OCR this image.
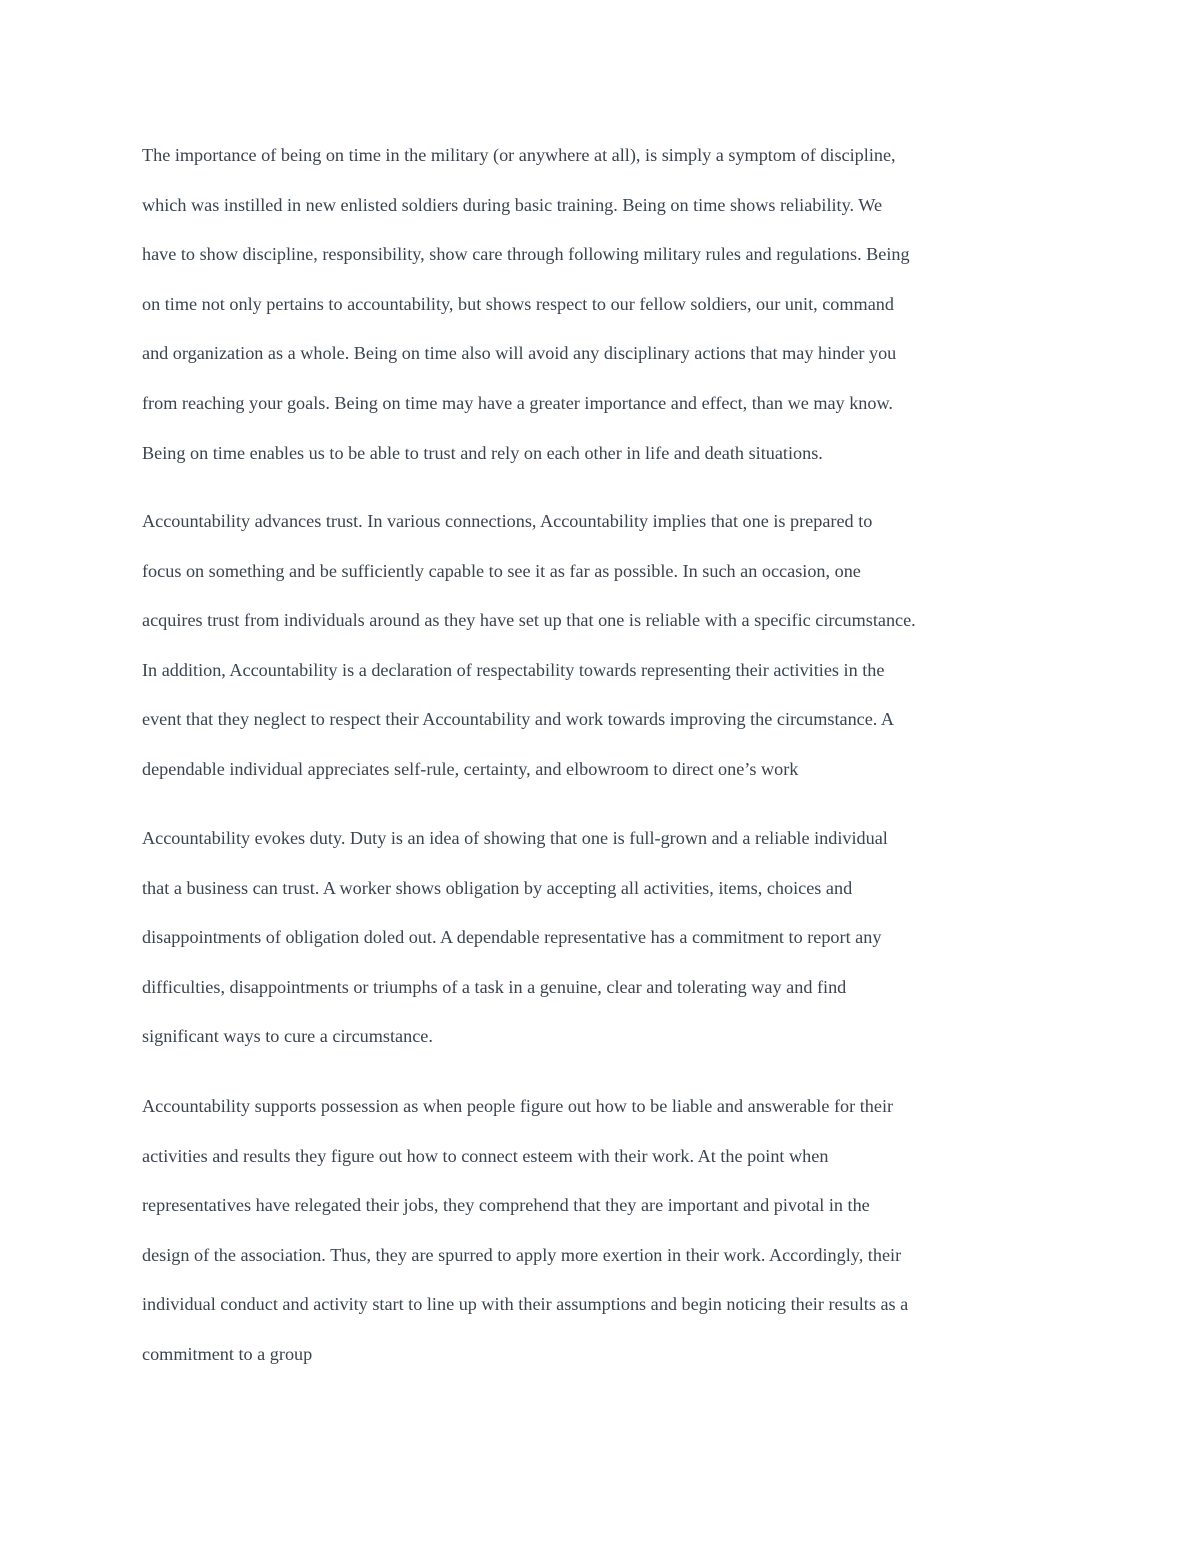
The importance of being on time in the military (or anywhere at all), is simply a symptom of discipline,
which was instilled in new enlisted soldiers during basic training. Being on time shows reliability. We
have to show discipline, responsibility, show care through following military rules and regulations. Being
on time not only pertains to accountability, but shows respect to our fellow soldiers, our unit, command
and organization as a whole. Being on time also will avoid any disciplinary actions that may hinder you
from reaching your goals. Being on time may have a greater importance and effect, than we may know.
Being on time enables us to be able to trust and rely on each other in life and death situations.

Accountability advances trust. In various connections, Accountability implies that one is prepared to
focus on something and be sufficiently capable to see it as far as possible. In such an occasion, one
acquires trust from individuals around as they have set up that one is reliable with a specific circumstance.
In addition, Accountability is a declaration of respectability towards representing their activities in the
event that they neglect to respect their Accountability and work towards improving the circumstance. A
dependable individual appreciates self-rule, certainty, and elbowroom to direct one’s work

Accountability evokes duty. Duty is an idea of showing that one is full-grown and a reliable individual
that a business can trust. A worker shows obligation by accepting all activities, items, choices and
disappointments of obligation doled out. A dependable representative has a commitment to report any
difficulties, disappointments or triumphs of a task in a genuine, clear and tolerating way and find
significant ways to cure a circumstance.

Accountability supports possession as when people figure out how to be liable and answerable for their
activities and results they figure out how to connect esteem with their work. At the point when
representatives have relegated their jobs, they comprehend that they are important and pivotal in the
design of the association. Thus, they are spurred to apply more exertion in their work. Accordingly, their
individual conduct and activity start to line up with their assumptions and begin noticing their results as a
commitment to a group
